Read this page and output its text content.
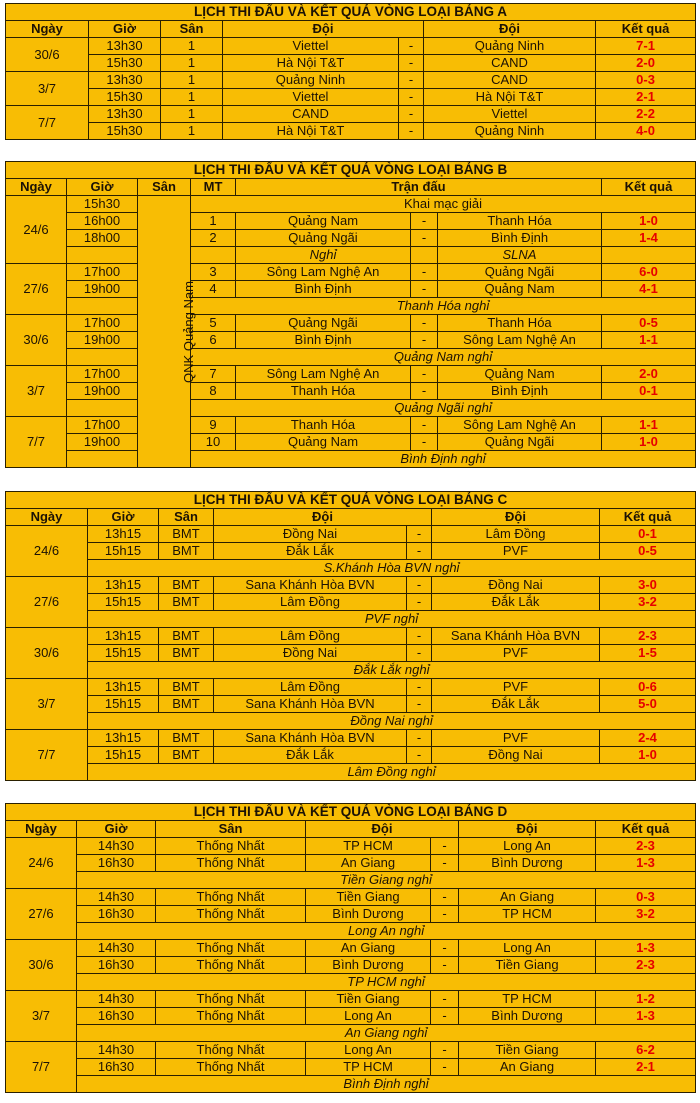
LỊCH THI ĐẤU VÀ KẾT QUẢ VÒNG LOẠI BẢNG A						
Ngày	Giờ	Sân	Đội		Đội	Kết quả
30/6	13h30	1	Viettel	-	Quảng Ninh	7-1
	15h30	1	Hà Nội T&T	-	CAND	2-0
3/7	13h30	1	Quảng Ninh	-	CAND	0-3
	15h30	1	Viettel	-	Hà Nội T&T	2-1
7/7	13h30	1	CAND	-	Viettel	2-2
	15h30	1	Hà Nội T&T	-	Quảng Ninh	4-0
LỊCH THI ĐẤU VÀ KẾT QUẢ VÒNG LOẠI BẢNG B							
Ngày	Giờ	Sân	MT	Trận đấu			Kết quả
24/6	15h30	QNK Quảng Nam	Khai mạc giải				
	16h00		1	Quảng Nam	-	Thanh Hóa	1-0
	18h00		2	Quảng Ngãi	-	Bình Định	1-4
				Nghỉ		SLNA	
27/6	17h00		3	Sông Lam Nghệ An	-	Quảng Ngãi	6-0
	19h00		4	Bình Định	-	Quảng Nam	4-1
			Thanh Hóa nghỉ				
30/6	17h00		5	Quảng Ngãi	-	Thanh Hóa	0-5
	19h00		6	Bình Định	-	Sông Lam Nghệ An	1-1
			Quảng Nam nghỉ				
3/7	17h00		7	Sông Lam Nghệ An	-	Quảng Nam	2-0
	19h00		8	Thanh Hóa	-	Bình Định	0-1
			Quảng Ngãi nghỉ				
7/7	17h00		9	Thanh Hóa	-	Sông Lam Nghệ An	1-1
	19h00		10	Quảng Nam	-	Quảng Ngãi	1-0
			Bình Định nghỉ				
LỊCH THI ĐẤU VÀ KẾT QUẢ VÒNG LOẠI BẢNG C						
Ngày	Giờ	Sân	Đội		Đội	Kết quả
24/6	13h15	BMT	Đồng Nai	-	Lâm Đồng	0-1
	15h15	BMT	Đắk Lắk	-	PVF	0-5
	S.Khánh Hòa BVN nghỉ					
27/6	13h15	BMT	Sana Khánh Hòa BVN	-	Đồng Nai	3-0
	15h15	BMT	Lâm Đồng	-	Đắk Lắk	3-2
	PVF nghỉ					
30/6	13h15	BMT	Lâm Đồng	-	Sana Khánh Hòa BVN	2-3
	15h15	BMT	Đồng Nai	-	PVF	1-5
	Đắk Lắk nghỉ					
3/7	13h15	BMT	Lâm Đồng	-	PVF	0-6
	15h15	BMT	Sana Khánh Hòa BVN	-	Đắk Lắk	5-0
	Đồng Nai nghỉ					
7/7	13h15	BMT	Sana Khánh Hòa BVN	-	PVF	2-4
	15h15	BMT	Đắk Lắk	-	Đồng Nai	1-0
	Lâm Đồng nghỉ					
LỊCH THI ĐẤU VÀ KẾT QUẢ VÒNG LOẠI BẢNG D						
Ngày	Giờ	Sân	Đội		Đội	Kết quả
24/6	14h30	Thống Nhất	TP HCM	-	Long An	2-3
	16h30	Thống Nhất	An Giang	-	Bình Dương	1-3
	Tiền Giang nghỉ					
27/6	14h30	Thống Nhất	Tiền Giang	-	An Giang	0-3
	16h30	Thống Nhất	Bình Dương	-	TP HCM	3-2
	Long An nghỉ					
30/6	14h30	Thống Nhất	An Giang	-	Long An	1-3
	16h30	Thống Nhất	Bình Dương	-	Tiền Giang	2-3
	TP HCM nghỉ					
3/7	14h30	Thống Nhất	Tiền Giang	-	TP HCM	1-2
	16h30	Thống Nhất	Long An	-	Bình Dương	1-3
	An Giang nghỉ					
7/7	14h30	Thống Nhất	Long An	-	Tiền Giang	6-2
	16h30	Thống Nhất	TP HCM	-	An Giang	2-1
	Bình Định nghỉ					
